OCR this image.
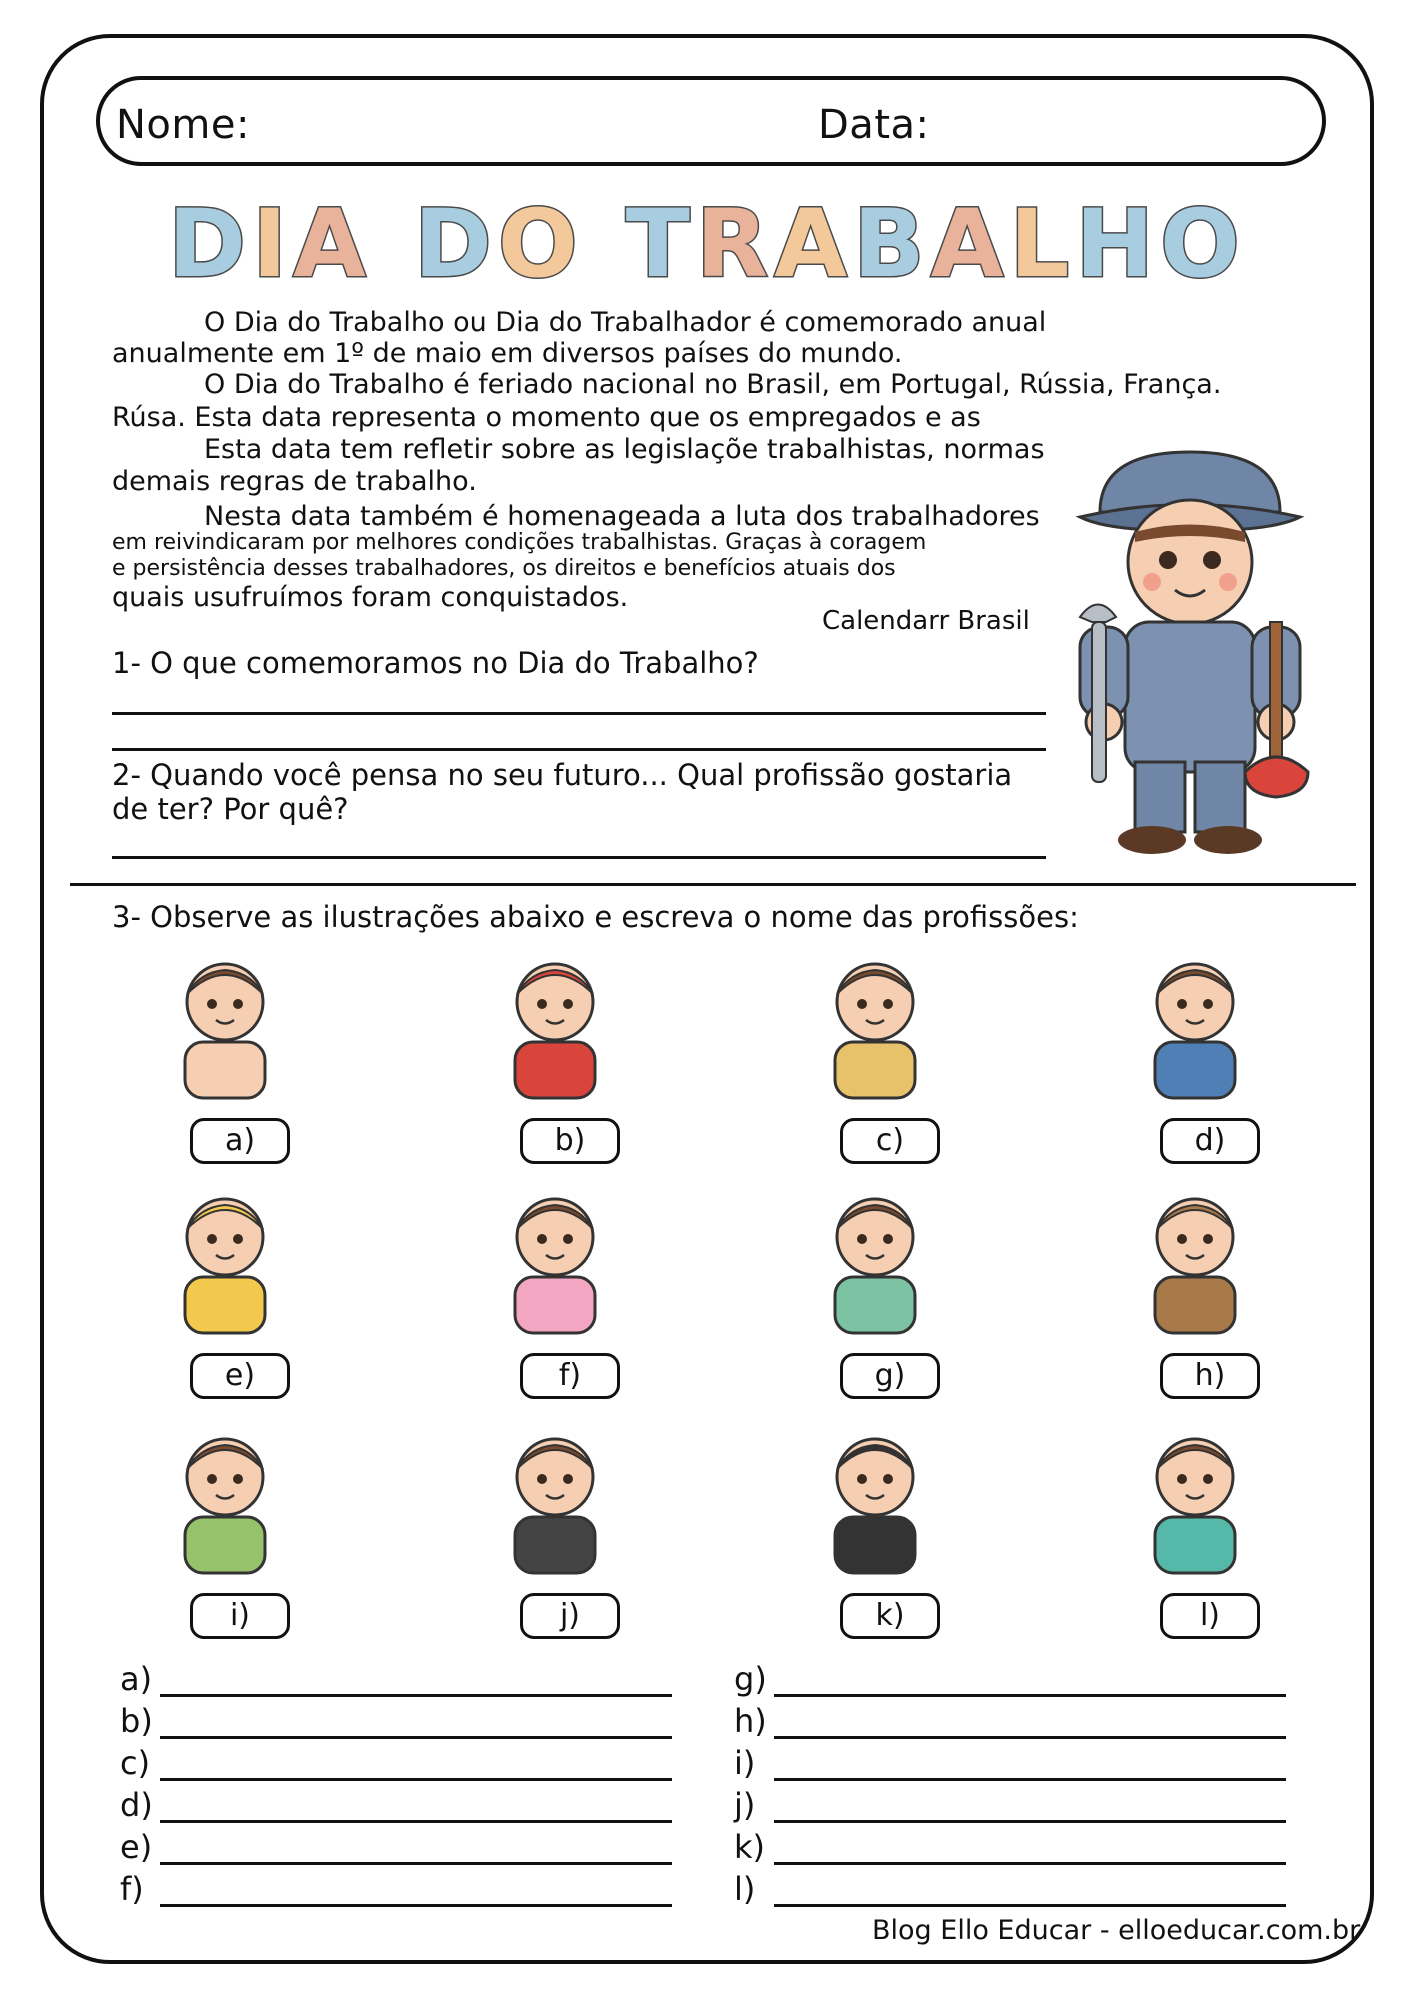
Nome:	Data:
DIA DO TRABALHO

O Dia do Trabalho ou Dia do Trabalhador é comemorado anual

anualmente em 1º de maio em diversos países do mundo.

O Dia do Trabalho é feriado nacional no Brasil, em Portugal, Rússia, França.

Rúsa. Esta data representa o momento que os empregados e as

Esta data tem refletir sobre as legislaçõe trabalhistas, normas

demais regras de trabalho.

Nesta data também é homenageada a luta dos trabalhadores

em reivindicaram por melhores condições trabalhistas. Graças à coragem

e persistência desses trabalhadores, os direitos e benefícios atuais dos

quais usufruímos foram conquistados.

Calendarr Brasil
1- O que comemoramos no Dia do Trabalho?
2- Quando você pensa no seu futuro... Qual profissão gostaria
de ter? Por quê?
3- Observe as ilustrações abaixo e escreva o nome das profissões:
a)	b)	c)	d)
e)	f)	g)	h)
i)	j)	k)	l)
a)
b)
c)
d)
e)
f)
g)
h)
i)
j)
k)
l)
Blog Ello Educar - elloeducar.com.br
